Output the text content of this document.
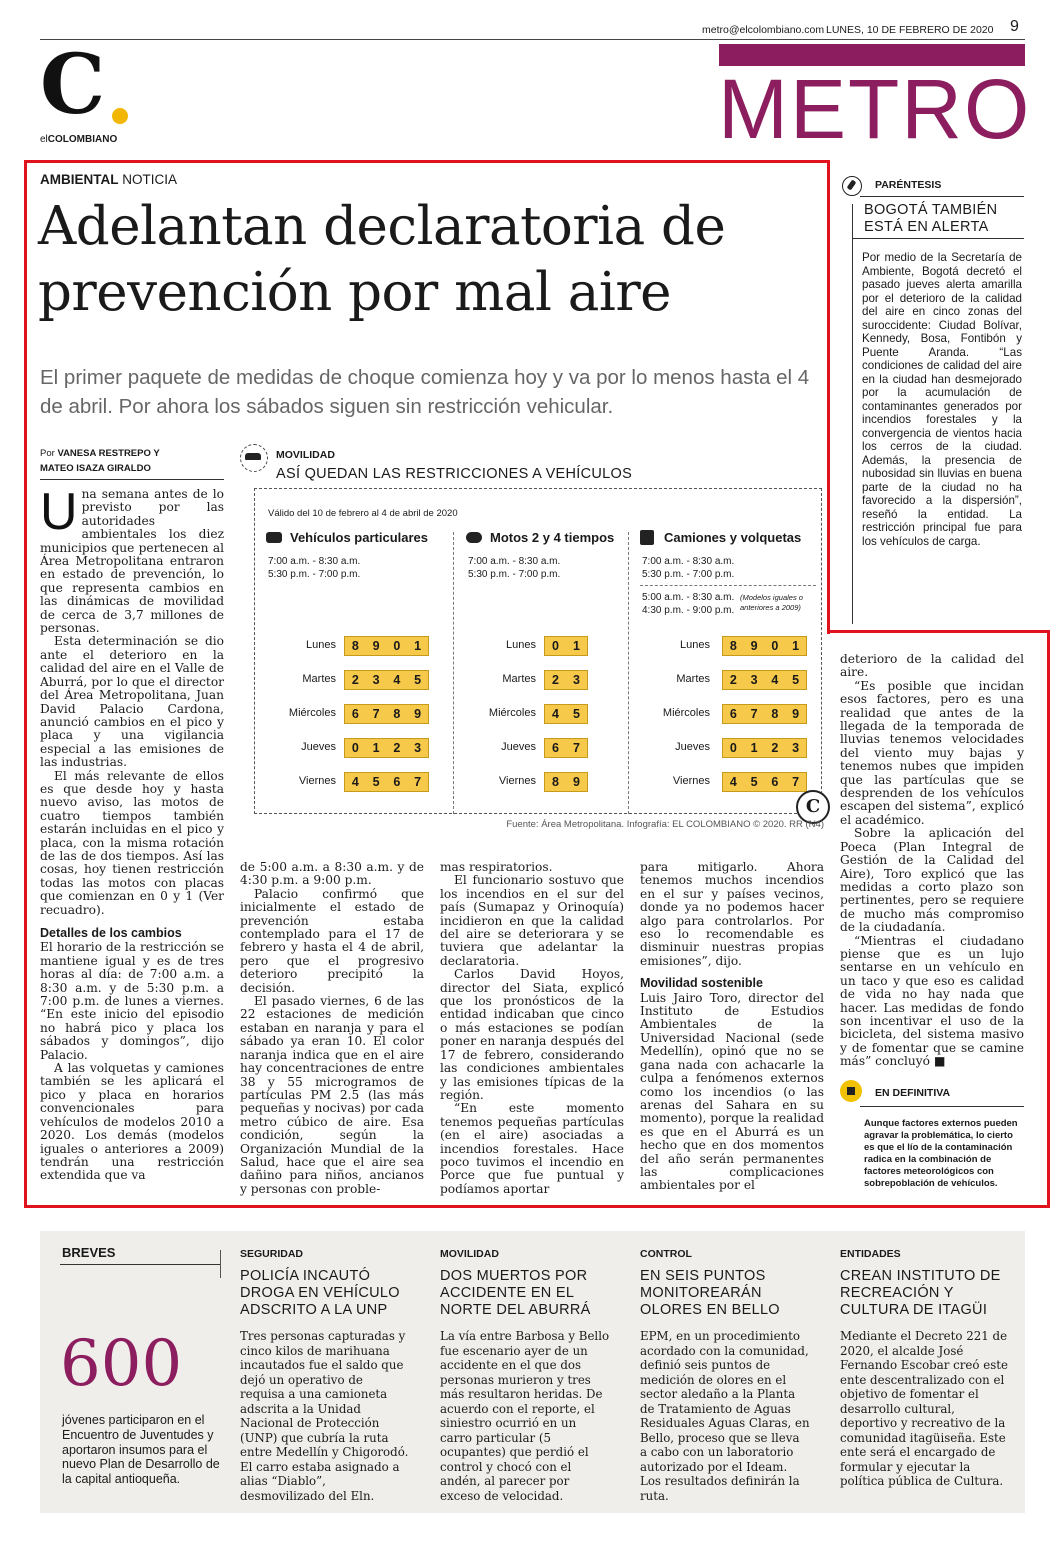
metro@elcolombiano.com LUNES, 10 DE FEBRERO DE 2020 9
C
elCOLOMBIANO	METRO
AMBIENTAL NOTICIA
Adelantan declaratoria de
prevención por mal aire
El primer paquete de medidas de choque comienza hoy y va por lo menos hasta el 4 de abril. Por ahora los sábados siguen sin restricción vehicular.
Por VANESA RESTREPO Y
MATEO ISAZA GIRALDO
U na semana antes de lo previsto por las autoridades ambientales los diez municipios que pertenecen al Área Metropolitana entraron en estado de prevención, lo que representa cambios en las dinámicas de movilidad de cerca de 3,7 millones de personas.

Esta determinación se dio ante el deterioro en la calidad del aire en el Valle de Aburrá, por lo que el director del Área Metropolitana, Juan David Palacio Cardona, anunció cambios en el pico y placa y una vigilancia especial a las emisiones de las industrias.

El más relevante de ellos es que desde hoy y hasta nuevo aviso, las motos de cuatro tiempos también estarán incluidas en el pico y placa, con la misma rotación de las de dos tiempos. Así las cosas, hoy tienen restricción todas las motos con placas que comienzan en 0 y 1 (Ver recuadro).

Detalles de los cambios

El horario de la restricción se mantiene igual y es de tres horas al día: de 7:00 a.m. a 8:30 a.m. y de 5:30 p.m. a 7:00 p.m. de lunes a viernes. “En este inicio del episodio no habrá pico y placa los sábados y domingos”, dijo Palacio.

A las volquetas y camiones también se les aplicará el pico y placa en horarios convencionales para vehículos de modelos 2010 a 2020. Los demás (modelos iguales o anteriores a 2009) tendrán una restricción extendida que va

MOVILIDAD
ASÍ QUEDAN LAS RESTRICCIONES A VEHÍCULOS
Válido del 10 de febrero al 4 de abril de 2020
Vehículos particulares
7:00 a.m. - 8:30 a.m.
5:30 p.m. - 7:00 p.m.
Motos 2 y 4 tiempos
7:00 a.m. - 8:30 a.m.
5:30 p.m. - 7:00 p.m.
Camiones y volquetas
7:00 a.m. - 8:30 a.m.
5:30 p.m. - 7:00 p.m.
5:00 a.m. - 8:30 a.m.
4:30 p.m. - 9:00 p.m.
(Modelos iguales o
anteriores a 2009)
Lunes 8 9 0 1
Martes 2 3 4 5
Miércoles 6 7 8 9
Jueves 0 1 2 3
Viernes 4 5 6 7
Lunes 0 1
Martes 2 3
Miércoles 4 5
Jueves 6 7
Viernes 8 9
Lunes 8 9 0 1
Martes 2 3 4 5
Miércoles 6 7 8 9
Jueves 0 1 2 3
Viernes 4 5 6 7
C
Fuente: Área Metropolitana. Infografía: EL COLOMBIANO © 2020. RR (N4)

de 5:00 a.m. a 8:30 a.m. y de 4:30 p.m. a 9:00 p.m.

Palacio confirmó que inicialmente el estado de prevención estaba contemplado para el 17 de febrero y hasta el 4 de abril, pero que el progresivo deterioro precipitó la decisión.

El pasado viernes, 6 de las 22 estaciones de medición estaban en naranja y para el sábado ya eran 10. El color naranja indica que en el aire hay concentraciones de entre 38 y 55 microgramos de partículas PM 2.5 (las más pequeñas y nocivas) por cada metro cúbico de aire. Esa condición, según la Organización Mundial de la Salud, hace que el aire sea dañino para niños, ancianos y personas con proble-

mas respiratorios.

El funcionario sostuvo que los incendios en el sur del país (Sumapaz y Orinoquía) incidieron en que la calidad del aire se deteriorara y se tuviera que adelantar la declaratoria.

Carlos David Hoyos, director del Siata, explicó que los pronósticos de la entidad indicaban que cinco o más estaciones se podían poner en naranja después del 17 de febrero, considerando las condiciones ambientales y las emisiones típicas de la región.

“En este momento tenemos pequeñas partículas (en el aire) asociadas a incendios forestales. Hace poco tuvimos el incendio en Porce que fue puntual y podíamos aportar

para mitigarlo. Ahora tenemos muchos incendios en el sur y países vecinos, donde ya no podemos hacer algo para controlarlos. Por eso lo recomendable es disminuir nuestras propias emisiones”, dijo.

Movilidad sostenible

Luis Jairo Toro, director del Instituto de Estudios Ambientales de la Universidad Nacional (sede Medellín), opinó que no se gana nada con achacarle la culpa a fenómenos externos como los incendios (o las arenas del Sahara en su momento), porque la realidad es que en el Aburrá es un hecho que en dos momentos del año serán permanentes las complicaciones ambientales por el

deterioro de la calidad del aire.

“Es posible que incidan esos factores, pero es una realidad que antes de la llegada de la temporada de lluvias tenemos velocidades del viento muy bajas y tenemos nubes que impiden que las partículas que se desprenden de los vehículos escapen del sistema”, explicó el académico.

Sobre la aplicación del Poeca (Plan Integral de Gestión de la Calidad del Aire), Toro explicó que las medidas a corto plazo son pertinentes, pero se requiere de mucho más compromiso de la ciudadanía.

“Mientras el ciudadano piense que es un lujo sentarse en un vehículo en un taco y que eso es calidad de vida no hay nada que hacer. Las medidas de fondo son incentivar el uso de la bicicleta, del sistema masivo y de fomentar que se camine más” concluyó ■

PARÉNTESIS
BOGOTÁ TAMBIÉN
ESTÁ EN ALERTA
Por medio de la Secretaría de Ambiente, Bogotá decretó el pasado jueves alerta amarilla por el deterioro de la calidad del aire en cinco zonas del suroccidente: Ciudad Bolívar, Kennedy, Bosa, Fontibón y Puente Aranda. “Las condiciones de calidad del aire en la ciudad han desmejorado por la acumulación de contaminantes generados por incendios forestales y la convergencia de vientos hacia los cerros de la ciudad. Además, la presencia de nubosidad sin lluvias en buena parte de la ciudad no ha favorecido a la dispersión”, reseñó la entidad. La restricción principal fue para los vehículos de carga.
EN DEFINITIVA
Aunque factores externos pueden agravar la problemática, lo cierto es que el lío de la contaminación radica en la combinación de factores meteorológicos con sobrepoblación de vehículos.
BREVES
600
jóvenes participaron en el Encuentro de Juventudes y aportaron insumos para el nuevo Plan de Desarrollo de la capital antioqueña.
SEGURIDAD
POLICÍA INCAUTÓ DROGA EN VEHÍCULO ADSCRITO A LA UNP
Tres personas capturadas y cinco kilos de marihuana incautados fue el saldo que dejó un operativo de requisa a una camioneta adscrita a la Unidad Nacional de Protección (UNP) que cubría la ruta entre Medellín y Chigorodó. El carro estaba asignado a alias “Diablo”, desmovilizado del Eln.
MOVILIDAD
DOS MUERTOS POR ACCIDENTE EN EL NORTE DEL ABURRÁ
La vía entre Barbosa y Bello fue escenario ayer de un accidente en el que dos personas murieron y tres más resultaron heridas. De acuerdo con el reporte, el siniestro ocurrió en un carro particular (5 ocupantes) que perdió el control y chocó con el andén, al parecer por exceso de velocidad.
CONTROL
EN SEIS PUNTOS MONITOREARÁN OLORES EN BELLO
EPM, en un procedimiento acordado con la comunidad, definió seis puntos de medición de olores en el sector aledaño a la Planta de Tratamiento de Aguas Residuales Aguas Claras, en Bello, proceso que se lleva a cabo con un laboratorio autorizado por el Ideam. Los resultados definirán la ruta.
ENTIDADES
CREAN INSTITUTO DE RECREACIÓN Y CULTURA DE ITAGÜI
Mediante el Decreto 221 de 2020, el alcalde José Fernando Escobar creó este ente descentralizado con el objetivo de fomentar el desarrollo cultural, deportivo y recreativo de la comunidad itagüiseña. Este ente será el encargado de formular y ejecutar la política pública de Cultura.
